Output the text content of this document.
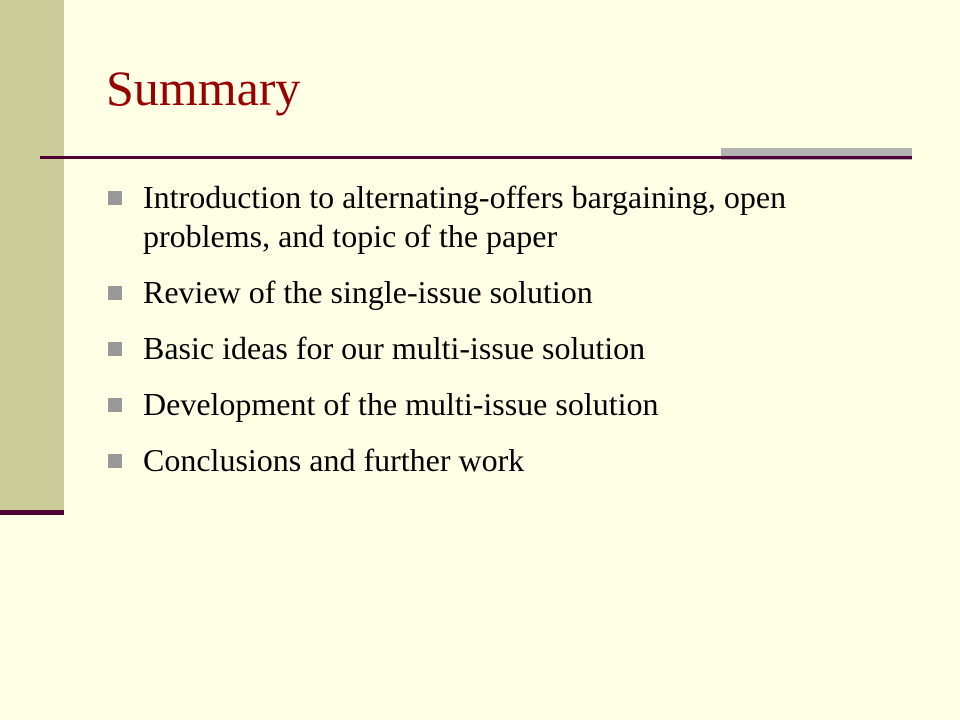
Summary
Introduction to alternating-offers bargaining, open problems, and topic of the paper
Review of the single-issue solution
Basic ideas for our multi-issue solution
Development of the multi-issue solution
Conclusions and further work
